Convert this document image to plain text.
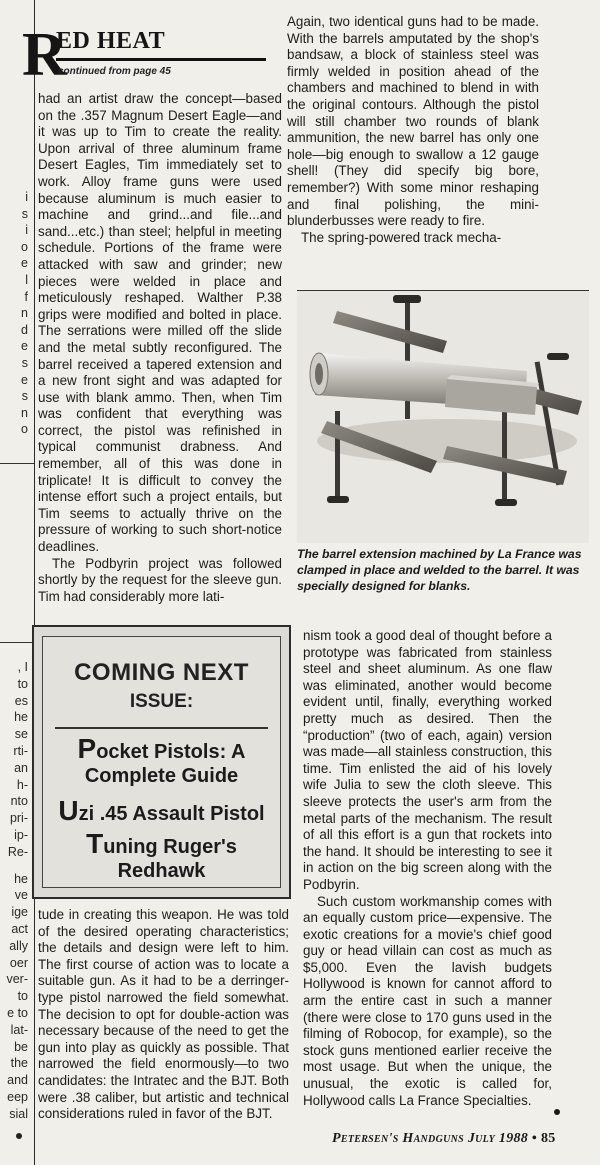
i
s
i
o
e
l
f
n
d
e
s
e
s
n
o
, I
to
es
he
se
rti-
an
h-
nto
pri-
ip-
Re-
he
ve
ige
act
ally
oer
ver-
to
e to
lat-
be
the
and
eep
sial
R
ED HEAT
continued from page 45

had an artist draw the concept—based on the .357 Magnum Desert Eagle—and it was up to Tim to create the reality. Upon arrival of three aluminum frame Desert Eagles, Tim immediately set to work. Alloy frame guns were used because aluminum is much easier to machine and grind...and file...and sand...etc.) than steel; helpful in meeting schedule. Portions of the frame were attacked with saw and grinder; new pieces were welded in place and meticulously reshaped. Walther P.38 grips were modified and bolted in place. The serrations were milled off the slide and the metal subtly reconfigured. The barrel received a tapered extension and a new front sight and was adapted for use with blank ammo. Then, when Tim was confident that everything was correct, the pistol was refinished in typical communist drabness. And remember, all of this was done in triplicate! It is difficult to convey the intense effort such a project entails, but Tim seems to actually thrive on the pressure of working to such short-notice deadlines.

The Podbyrin project was followed shortly by the request for the sleeve gun. Tim had considerably more lati-

COMING NEXT
ISSUE:
Pocket Pistols: A
Complete Guide
Uzi .45 Assault Pistol
Tuning Ruger's
Redhawk

tude in creating this weapon. He was told of the desired operating characteristics; the details and design were left to him. The first course of action was to locate a suitable gun. As it had to be a derringer-type pistol narrowed the field somewhat. The decision to opt for double-action was necessary because of the need to get the gun into play as quickly as possible. That narrowed the field enormously—to two candidates: the Intratec and the BJT. Both were .38 caliber, but artistic and technical considerations ruled in favor of the BJT.

Again, two identical guns had to be made. With the barrels amputated by the shop's bandsaw, a block of stainless steel was firmly welded in position ahead of the chambers and machined to blend in with the original contours. Although the pistol will still chamber two rounds of blank ammunition, the new barrel has only one hole—big enough to swallow a 12 gauge shell! (They did specify big bore, remember?) With some minor reshaping and final polishing, the mini-blunderbusses were ready to fire.

The spring-powered track mecha-

The barrel extension machined by La France was clamped in place and welded to the barrel. It was specially designed for blanks.

nism took a good deal of thought before a prototype was fabricated from stainless steel and sheet aluminum. As one flaw was eliminated, another would become evident until, finally, everything worked pretty much as desired. Then the “production” (two of each, again) version was made—all stainless construction, this time. Tim enlisted the aid of his lovely wife Julia to sew the cloth sleeve. This sleeve protects the user's arm from the metal parts of the mechanism. The result of all this effort is a gun that rockets into the hand. It should be interesting to see it in action on the big screen along with the Podbyrin.

Such custom workmanship comes with an equally custom price—expensive. The exotic creations for a movie's chief good guy or head villain can cost as much as $5,000. Even the lavish budgets Hollywood is known for cannot afford to arm the entire cast in such a manner (there were close to 170 guns used in the filming of Robocop, for example), so the stock guns mentioned earlier receive the most usage. But when the unique, the unusual, the exotic is called for, Hollywood calls La France Specialties.

Petersen's Handguns July 1988 • 85
